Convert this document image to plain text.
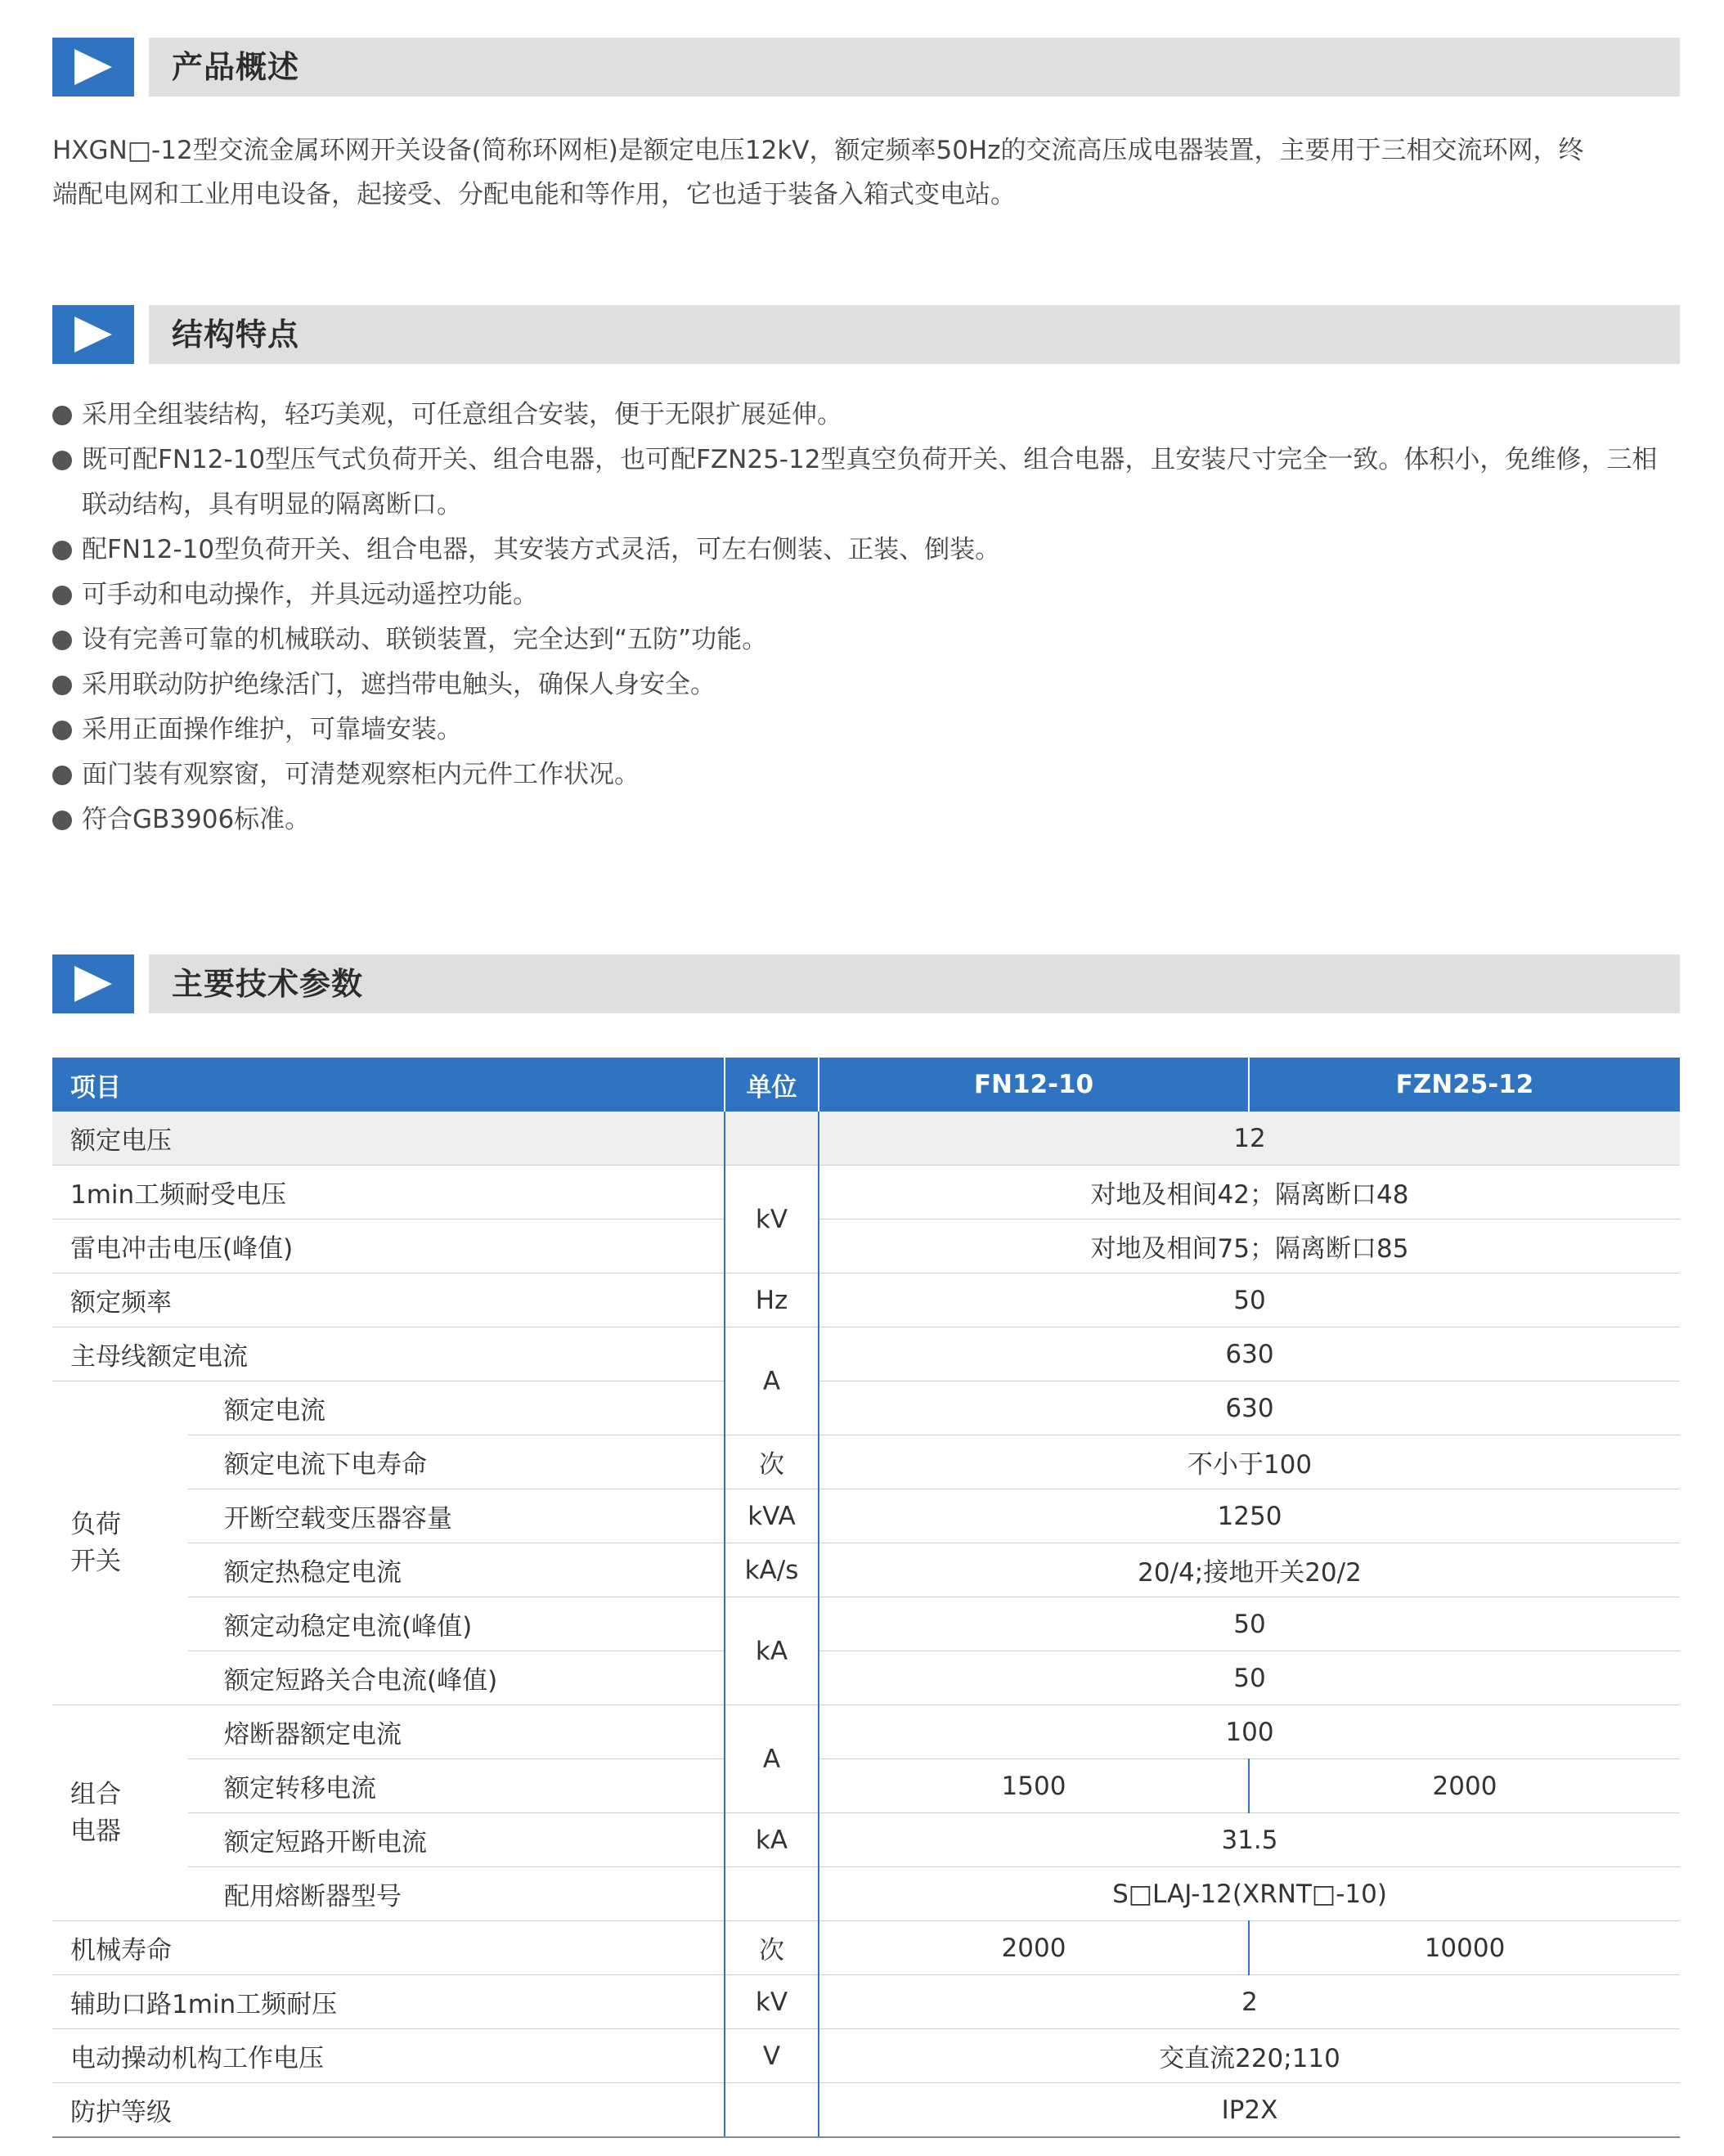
产品概述
HXGN□-12型交流金属环网开关设备(简称环网柜)是额定电压12kV，额定频率50Hz的交流高压成电器装置，主要用于三相交流环网，终
端配电网和工业用电设备，起接受、分配电能和等作用，它也适于装备入箱式变电站。
结构特点
采用全组装结构，轻巧美观，可任意组合安装，便于无限扩展延伸。
既可配FN12-10型压气式负荷开关、组合电器，也可配FZN25-12型真空负荷开关、组合电器，且安装尺寸完全一致。体积小，免维修，三相联动结构，具有明显的隔离断口。
配FN12-10型负荷开关、组合电器，其安装方式灵活，可左右侧装、正装、倒装。
可手动和电动操作，并具远动遥控功能。
设有完善可靠的机械联动、联锁装置，完全达到“五防”功能。
采用联动防护绝缘活门，遮挡带电触头，确保人身安全。
采用正面操作维护，可靠墙安装。
面门装有观察窗，可清楚观察柜内元件工作状况。
符合GB3906标准。
主要技术参数
项目		单位	FN12-10	FZN25-12
额定电压			12	
1min工频耐受电压		kV	对地及相间42；隔离断口48	
雷电冲击电压(峰值)			对地及相间75；隔离断口85	
额定频率		Hz	50	
主母线额定电流		A	630	
负荷开关	额定电流		630	
	额定电流下电寿命	次	不小于100	
	开断空载变压器容量	kVA	1250	
	额定热稳定电流	kA/s	20/4;接地开关20/2	
	额定动稳定电流(峰值)	kA	50	
	额定短路关合电流(峰值)		50	
组合电器	熔断器额定电流	A	100	
	额定转移电流		1500	2000
	额定短路开断电流	kA	31.5	
	配用熔断器型号		S□LAJ-12(XRNT□-10)	
机械寿命		次	2000	10000
辅助口路1min工频耐压		kV	2	
电动操动机构工作电压		V	交直流220;110	
防护等级			IP2X	
